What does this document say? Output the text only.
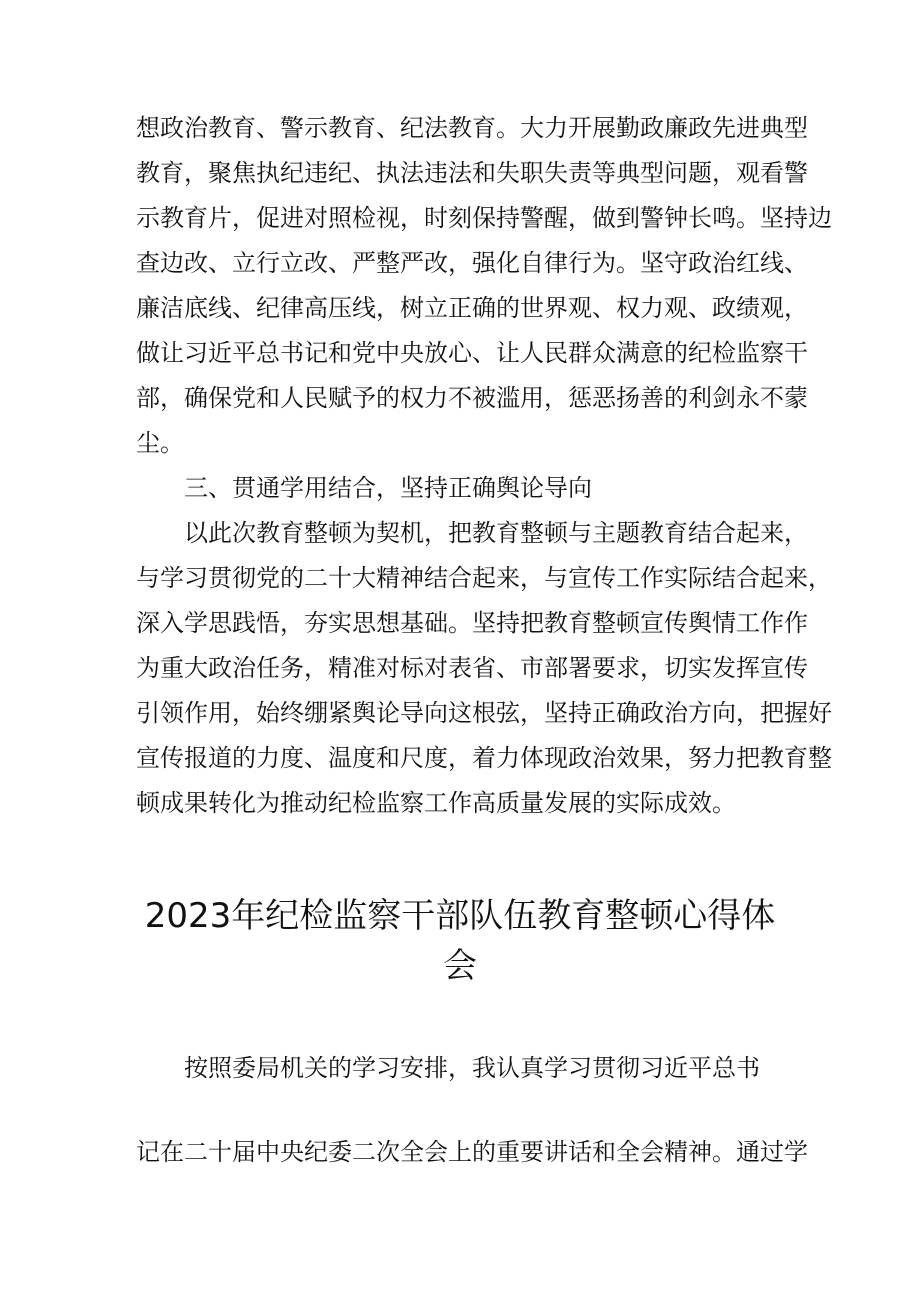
想政治教育、警示教育、纪法教育。大力开展勤政廉政先进典型
教育，聚焦执纪违纪、执法违法和失职失责等典型问题，观看警
示教育片，促进对照检视，时刻保持警醒，做到警钟长鸣。坚持边
查边改、立行立改、严整严改，强化自律行为。坚守政治红线、
廉洁底线、纪律高压线，树立正确的世界观、权力观、政绩观，
做让习近平总书记和党中央放心、让人民群众满意的纪检监察干
部，确保党和人民赋予的权力不被滥用，惩恶扬善的利剑永不蒙
尘。
三、贯通学用结合，坚持正确舆论导向
以此次教育整顿为契机，把教育整顿与主题教育结合起来，
与学习贯彻党的二十大精神结合起来，与宣传工作实际结合起来，
深入学思践悟，夯实思想基础。坚持把教育整顿宣传舆情工作作
为重大政治任务，精准对标对表省、市部署要求，切实发挥宣传
引领作用，始终绷紧舆论导向这根弦，坚持正确政治方向，把握好
宣传报道的力度、温度和尺度，着力体现政治效果，努力把教育整
顿成果转化为推动纪检监察工作高质量发展的实际成效。
2023年纪检监察干部队伍教育整顿心得体
会
按照委局机关的学习安排，我认真学习贯彻习近平总书
记在二十届中央纪委二次全会上的重要讲话和全会精神。通过学
